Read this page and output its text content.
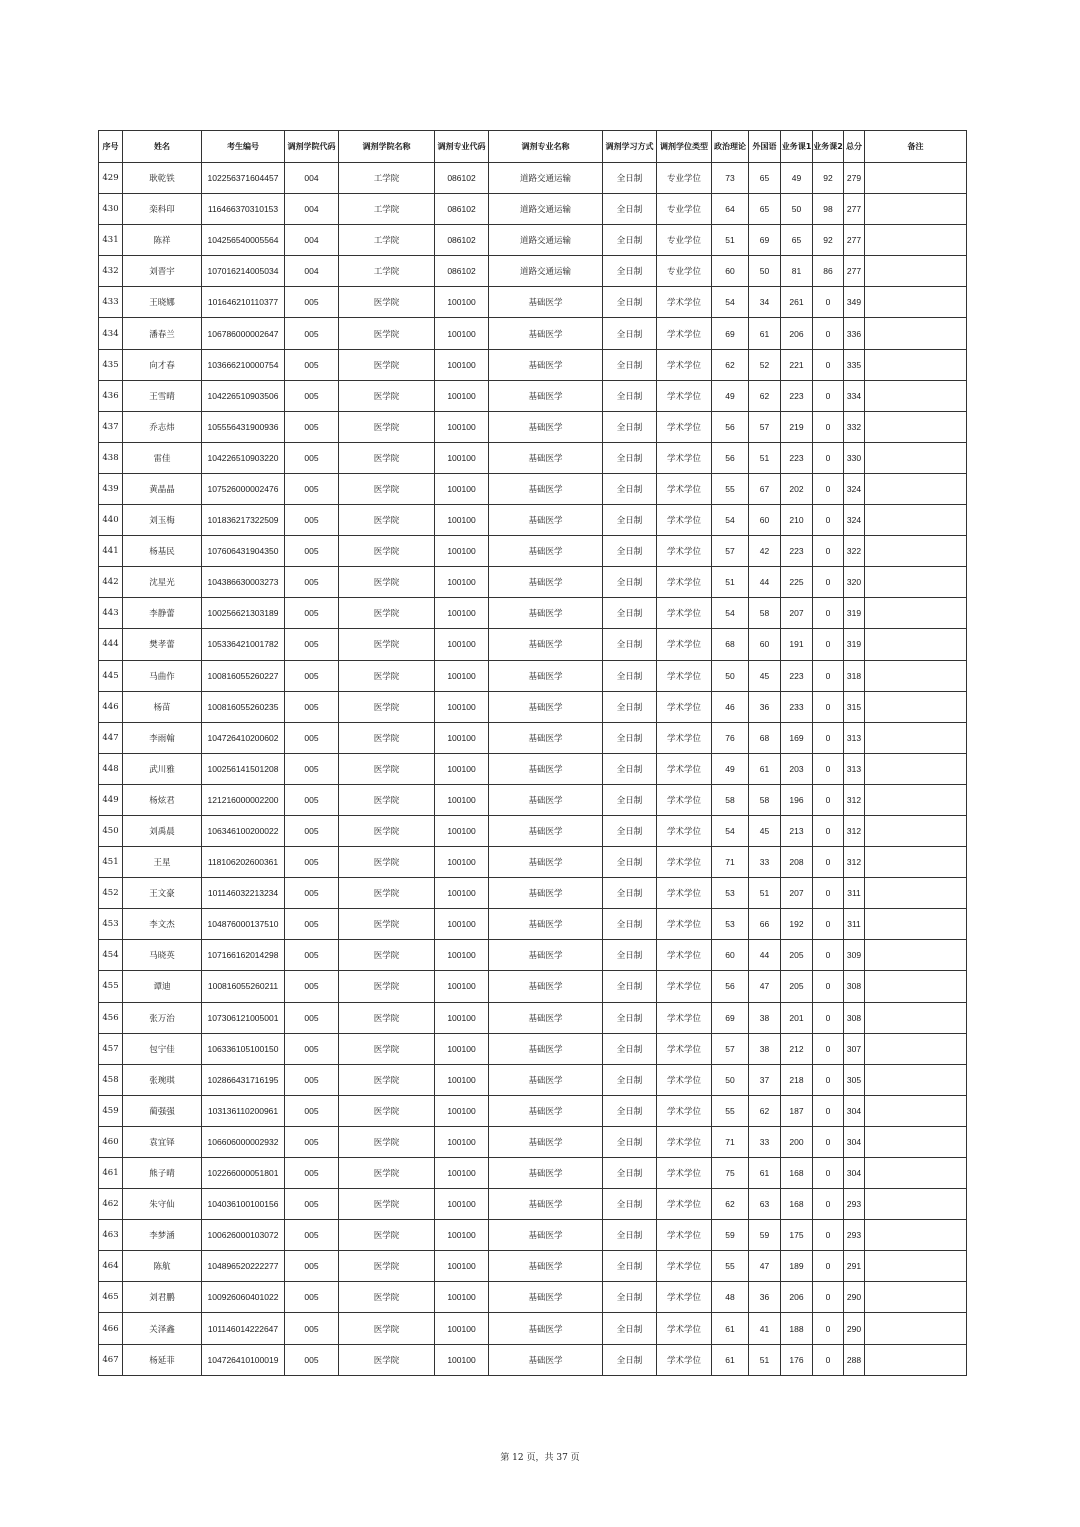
序号	姓名	考生编号	调剂学院代码	调剂学院名称	调剂专业代码	调剂专业名称	调剂学习方式	调剂学位类型	政治理论	外国语	业务课1	业务课2	总分	备注
429	耿乾铁	102256371604457	004	工学院	086102	道路交通运输	全日制	专业学位	73	65	49	92	279	
430	栾科印	116466370310153	004	工学院	086102	道路交通运输	全日制	专业学位	64	65	50	98	277	
431	陈祥	104256540005564	004	工学院	086102	道路交通运输	全日制	专业学位	51	69	65	92	277	
432	刘晋宇	107016214005034	004	工学院	086102	道路交通运输	全日制	专业学位	60	50	81	86	277	
433	王晓娜	101646210110377	005	医学院	100100	基础医学	全日制	学术学位	54	34	261	0	349	
434	潘春兰	106786000002647	005	医学院	100100	基础医学	全日制	学术学位	69	61	206	0	336	
435	向才春	103666210000754	005	医学院	100100	基础医学	全日制	学术学位	62	52	221	0	335	
436	王雪晴	104226510903506	005	医学院	100100	基础医学	全日制	学术学位	49	62	223	0	334	
437	乔志炜	105556431900936	005	医学院	100100	基础医学	全日制	学术学位	56	57	219	0	332	
438	雷佳	104226510903220	005	医学院	100100	基础医学	全日制	学术学位	56	51	223	0	330	
439	黄晶晶	107526000002476	005	医学院	100100	基础医学	全日制	学术学位	55	67	202	0	324	
440	刘玉梅	101836217322509	005	医学院	100100	基础医学	全日制	学术学位	54	60	210	0	324	
441	杨基民	107606431904350	005	医学院	100100	基础医学	全日制	学术学位	57	42	223	0	322	
442	沈星光	104386630003273	005	医学院	100100	基础医学	全日制	学术学位	51	44	225	0	320	
443	李静蕾	100256621303189	005	医学院	100100	基础医学	全日制	学术学位	54	58	207	0	319	
444	樊孝蕾	105336421001782	005	医学院	100100	基础医学	全日制	学术学位	68	60	191	0	319	
445	马曲作	100816055260227	005	医学院	100100	基础医学	全日制	学术学位	50	45	223	0	318	
446	杨苗	100816055260235	005	医学院	100100	基础医学	全日制	学术学位	46	36	233	0	315	
447	李雨翰	104726410200602	005	医学院	100100	基础医学	全日制	学术学位	76	68	169	0	313	
448	武川雅	100256141501208	005	医学院	100100	基础医学	全日制	学术学位	49	61	203	0	313	
449	杨炫君	121216000002200	005	医学院	100100	基础医学	全日制	学术学位	58	58	196	0	312	
450	刘禹晨	106346100200022	005	医学院	100100	基础医学	全日制	学术学位	54	45	213	0	312	
451	王星	118106202600361	005	医学院	100100	基础医学	全日制	学术学位	71	33	208	0	312	
452	王文豪	101146032213234	005	医学院	100100	基础医学	全日制	学术学位	53	51	207	0	311	
453	李文杰	104876000137510	005	医学院	100100	基础医学	全日制	学术学位	53	66	192	0	311	
454	马晓英	107166162014298	005	医学院	100100	基础医学	全日制	学术学位	60	44	205	0	309	
455	谭迪	100816055260211	005	医学院	100100	基础医学	全日制	学术学位	56	47	205	0	308	
456	张万治	107306121005001	005	医学院	100100	基础医学	全日制	学术学位	69	38	201	0	308	
457	包宁佳	106336105100150	005	医学院	100100	基础医学	全日制	学术学位	57	38	212	0	307	
458	张琬琪	102866431716195	005	医学院	100100	基础医学	全日制	学术学位	50	37	218	0	305	
459	蔺强强	103136110200961	005	医学院	100100	基础医学	全日制	学术学位	55	62	187	0	304	
460	袁宜铎	106606000002932	005	医学院	100100	基础医学	全日制	学术学位	71	33	200	0	304	
461	熊子晴	102266000051801	005	医学院	100100	基础医学	全日制	学术学位	75	61	168	0	304	
462	朱守仙	104036100100156	005	医学院	100100	基础医学	全日制	学术学位	62	63	168	0	293	
463	李梦涵	100626000103072	005	医学院	100100	基础医学	全日制	学术学位	59	59	175	0	293	
464	陈航	104896520222277	005	医学院	100100	基础医学	全日制	学术学位	55	47	189	0	291	
465	刘君鹏	100926060401022	005	医学院	100100	基础医学	全日制	学术学位	48	36	206	0	290	
466	关泽鑫	101146014222647	005	医学院	100100	基础医学	全日制	学术学位	61	41	188	0	290	
467	杨延菲	104726410100019	005	医学院	100100	基础医学	全日制	学术学位	61	51	176	0	288	
第 12 页，共 37 页
